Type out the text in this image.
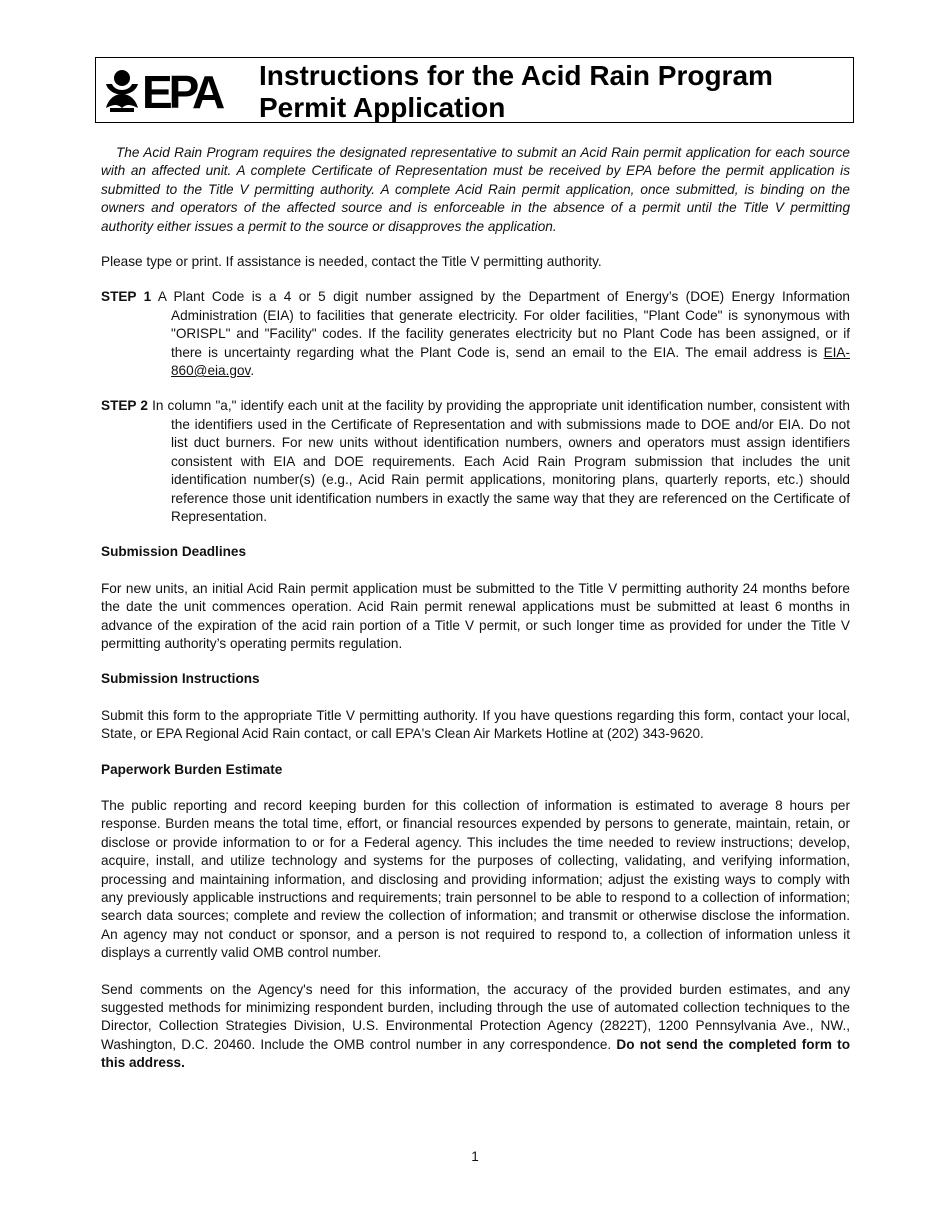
EPA Instructions for the Acid Rain Program
Permit Application

The Acid Rain Program requires the designated representative to submit an Acid Rain permit application for each source with an affected unit. A complete Certificate of Representation must be received by EPA before the permit application is submitted to the Title V permitting authority. A complete Acid Rain permit application, once submitted, is binding on the owners and operators of the affected source and is enforceable in the absence of a permit until the Title V permitting authority either issues a permit to the source or disapproves the application.

Please type or print. If assistance is needed, contact the Title V permitting authority.

STEP 1 A Plant Code is a 4 or 5 digit number assigned by the Department of Energy’s (DOE) Energy Information Administration (EIA) to facilities that generate electricity. For older facilities, "Plant Code" is synonymous with "ORISPL" and "Facility" codes. If the facility generates electricity but no Plant Code has been assigned, or if there is uncertainty regarding what the Plant Code is, send an email to the EIA. The email address is EIA-860@eia.gov.

STEP 2 In column "a," identify each unit at the facility by providing the appropriate unit identification number, consistent with the identifiers used in the Certificate of Representation and with submissions made to DOE and/or EIA. Do not list duct burners. For new units without identification numbers, owners and operators must assign identifiers consistent with EIA and DOE requirements. Each Acid Rain Program submission that includes the unit identification number(s) (e.g., Acid Rain permit applications, monitoring plans, quarterly reports, etc.) should reference those unit identification numbers in exactly the same way that they are referenced on the Certificate of Representation.

Submission Deadlines

For new units, an initial Acid Rain permit application must be submitted to the Title V permitting authority 24 months before the date the unit commences operation. Acid Rain permit renewal applications must be submitted at least 6 months in advance of the expiration of the acid rain portion of a Title V permit, or such longer time as provided for under the Title V permitting authority’s operating permits regulation.

Submission Instructions

Submit this form to the appropriate Title V permitting authority. If you have questions regarding this form, contact your local, State, or EPA Regional Acid Rain contact, or call EPA's Clean Air Markets Hotline at (202) 343-9620.

Paperwork Burden Estimate

The public reporting and record keeping burden for this collection of information is estimated to average 8 hours per response. Burden means the total time, effort, or financial resources expended by persons to generate, maintain, retain, or disclose or provide information to or for a Federal agency. This includes the time needed to review instructions; develop, acquire, install, and utilize technology and systems for the purposes of collecting, validating, and verifying information, processing and maintaining information, and disclosing and providing information; adjust the existing ways to comply with any previously applicable instructions and requirements; train personnel to be able to respond to a collection of information; search data sources; complete and review the collection of information; and transmit or otherwise disclose the information. An agency may not conduct or sponsor, and a person is not required to respond to, a collection of information unless it displays a currently valid OMB control number.

Send comments on the Agency's need for this information, the accuracy of the provided burden estimates, and any suggested methods for minimizing respondent burden, including through the use of automated collection techniques to the Director, Collection Strategies Division, U.S. Environmental Protection Agency (2822T), 1200 Pennsylvania Ave., NW., Washington, D.C. 20460. Include the OMB control number in any correspondence. Do not send the completed form to this address.

1
